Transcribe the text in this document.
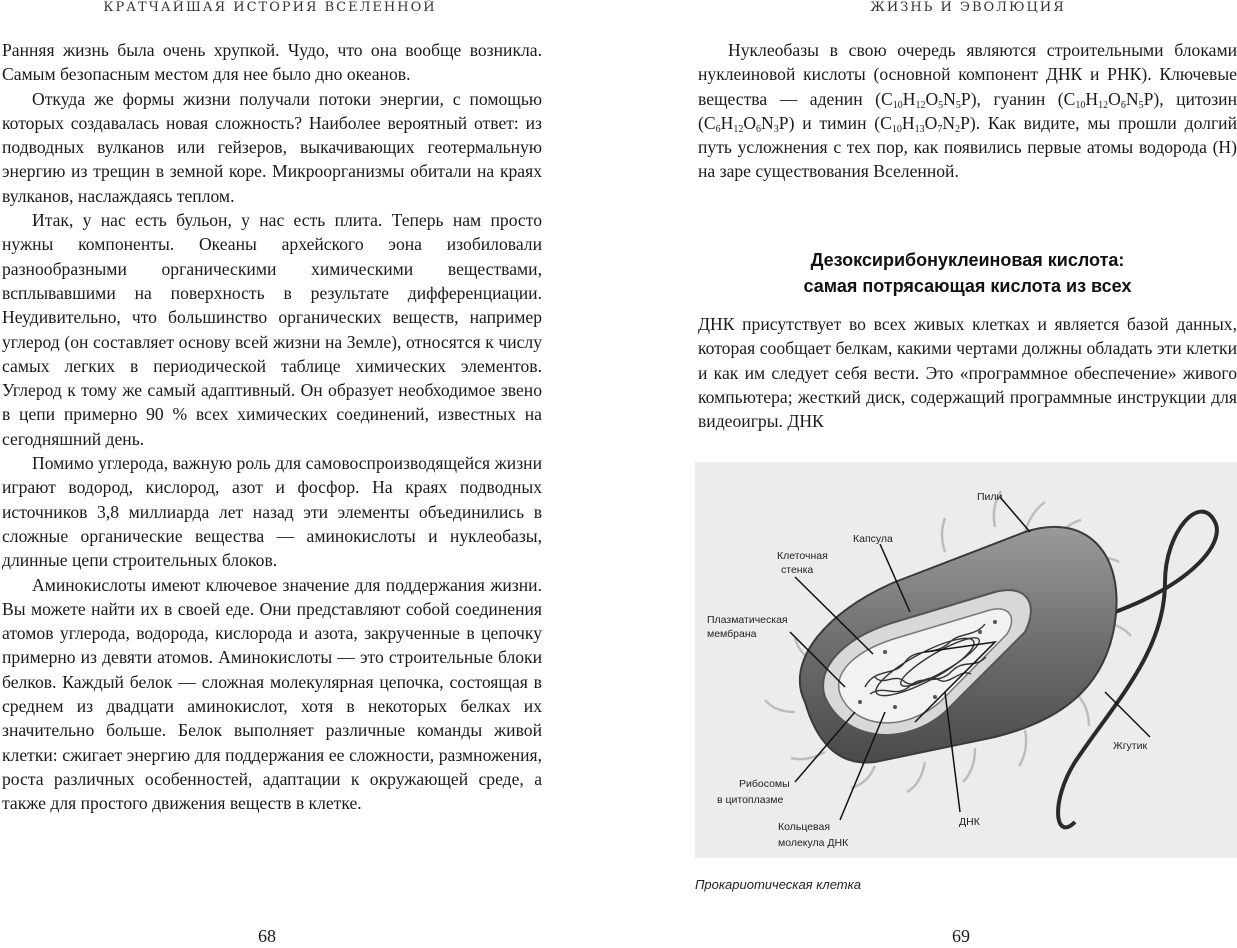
КРАТЧАЙШАЯ ИСТОРИЯ ВСЕЛЕННОЙ

Ранняя жизнь была очень хрупкой. Чудо, что она вообще возникла. Самым безопасным местом для нее было дно океанов.

Откуда же формы жизни получали потоки энергии, с помощью которых создавалась новая сложность? Наиболее вероятный ответ: из подводных вулканов или гейзеров, выкачивающих геотермальную энергию из трещин в земной коре. Микроорганизмы обитали на краях вулканов, наслаждаясь теплом.

Итак, у нас есть бульон, у нас есть плита. Теперь нам просто нужны компоненты. Океаны архейского эона изобиловали разнообразными органическими химическими веществами, всплывавшими на поверхность в результате дифференциации. Неудивительно, что большинство органических веществ, например углерод (он составляет основу всей жизни на Земле), относятся к числу самых легких в периодической таблице химических элементов. Углерод к тому же самый адаптивный. Он образует необходимое звено в цепи примерно 90 % всех химических соединений, известных на сегодняшний день.

Помимо углерода, важную роль для самовоспроизводящейся жизни играют водород, кислород, азот и фосфор. На краях подводных источников 3,8 миллиарда лет назад эти элементы объединились в сложные органические вещества — аминокислоты и нуклеобазы, длинные цепи строительных блоков.

Аминокислоты имеют ключевое значение для поддержания жизни. Вы можете найти их в своей еде. Они представляют собой соединения атомов углерода, водорода, кислорода и азота, закрученные в цепочку примерно из девяти атомов. Аминокислоты — это строительные блоки белков. Каждый белок — сложная молекулярная цепочка, состоящая в среднем из двадцати аминокислот, хотя в некоторых белках их значительно больше. Белок выполняет различные команды живой клетки: сжигает энергию для поддержания ее сложности, размножения, роста различных особенностей, адаптации к окружающей среде, а также для простого движения веществ в клетке.

68
ЖИЗНЬ И ЭВОЛЮЦИЯ

Нуклеобазы в свою очередь являются строительными блоками нуклеиновой кислоты (основной компонент ДНК и РНК). Ключевые вещества — аденин $(C_{10}H_{12}O_5N_5P)$, гуанин $(C_{10}H_{12}O_6N_5P)$, цитозин $(C_6H_{12}O_6N_3P)$ и тимин $(C_{10}H_{13}O_7N_2P)$. Как видите, мы прошли долгий путь усложнения с тех пор, как появились первые атомы водорода (H) на заре существования Вселенной.

Дезоксирибонуклеиновая кислота:
самая потрясающая кислота из всех

ДНК присутствует во всех живых клетках и является базой данных, которая сообщает белкам, какими чертами должны обладать эти клетки и как им следует себя вести. Это «программное обеспечение» живого компьютера; жесткий диск, содержащий программные инструкции для видеоигры. ДНК

Пили
Капсула
Клеточная
стенка
Плазматическая
мембрана
Жгутик
Рибосомы
в цитоплазме
ДНК
Кольцевая
молекула ДНК
Прокариотическая клетка
69
